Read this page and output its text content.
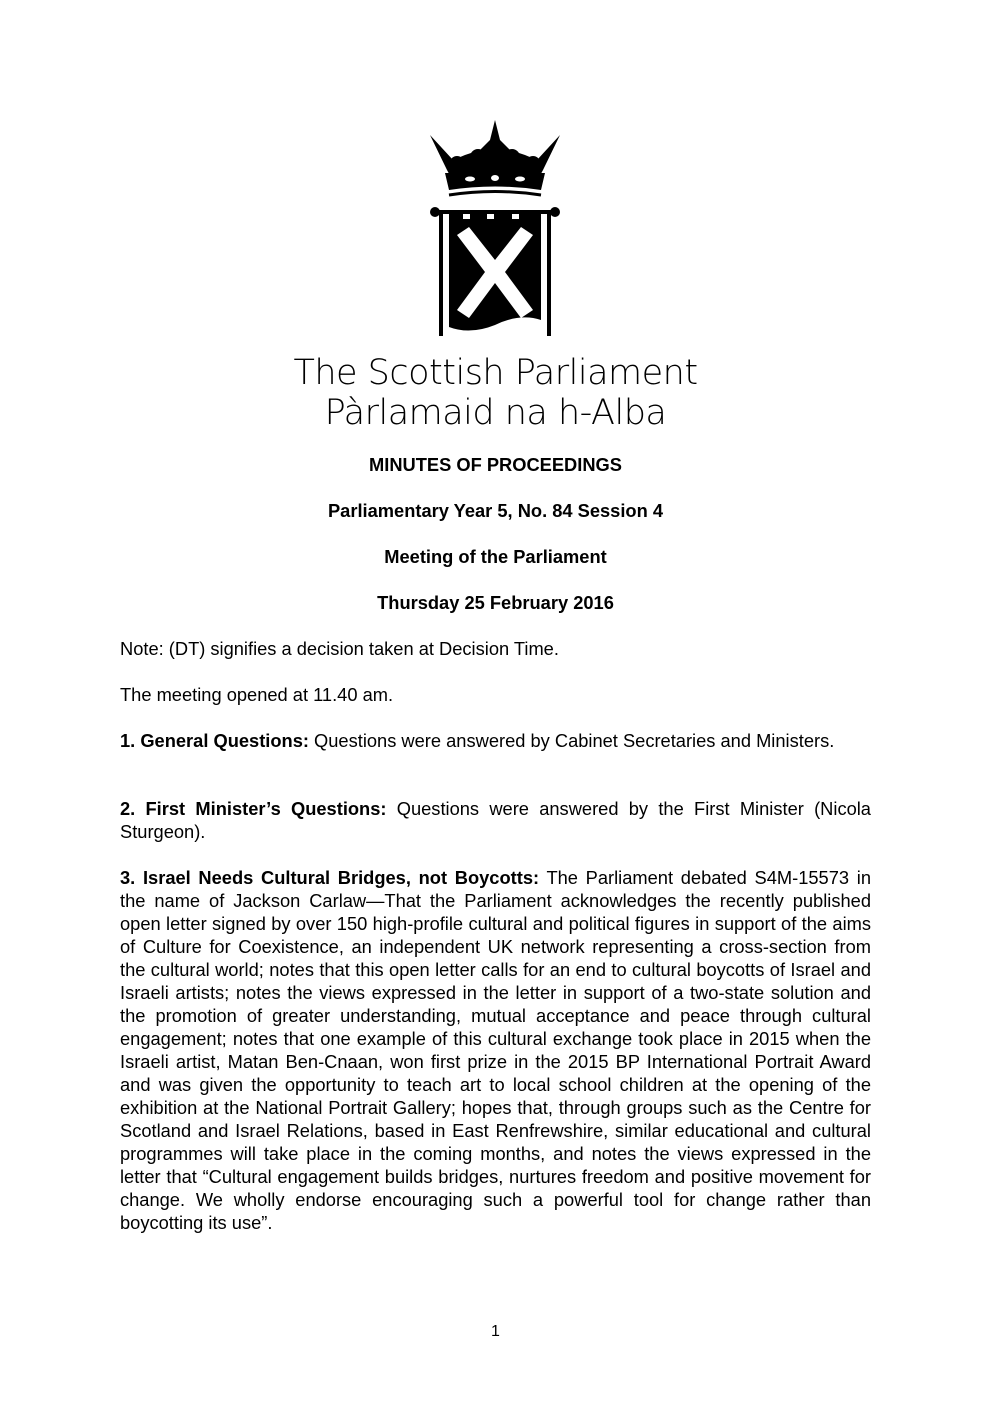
The Scottish Parliament
Pàrlamaid na h-Alba
MINUTES OF PROCEEDINGS
Parliamentary Year 5, No. 84 Session 4
Meeting of the Parliament
Thursday 25 February 2016

Note: (DT) signifies a decision taken at Decision Time.

The meeting opened at 11.40 am.

1. General Questions: Questions were answered by Cabinet Secretaries and Ministers.

2. First Minister’s Questions: Questions were answered by the First Minister (Nicola Sturgeon).

3. Israel Needs Cultural Bridges, not Boycotts: The Parliament debated S4M-15573 in the name of Jackson Carlaw—That the Parliament acknowledges the recently published open letter signed by over 150 high-profile cultural and political figures in support of the aims of Culture for Coexistence, an independent UK network representing a cross-section from the cultural world; notes that this open letter calls for an end to cultural boycotts of Israel and Israeli artists; notes the views expressed in the letter in support of a two-state solution and the promotion of greater understanding, mutual acceptance and peace through cultural engagement; notes that one example of this cultural exchange took place in 2015 when the Israeli artist, Matan Ben-Cnaan, won first prize in the 2015 BP International Portrait Award and was given the opportunity to teach art to local school children at the opening of the exhibition at the National Portrait Gallery; hopes that, through groups such as the Centre for Scotland and Israel Relations, based in East Renfrewshire, similar educational and cultural programmes will take place in the coming months, and notes the views expressed in the letter that “Cultural engagement builds bridges, nurtures freedom and positive movement for change. We wholly endorse encouraging such a powerful tool for change rather than boycotting its use”.

1
